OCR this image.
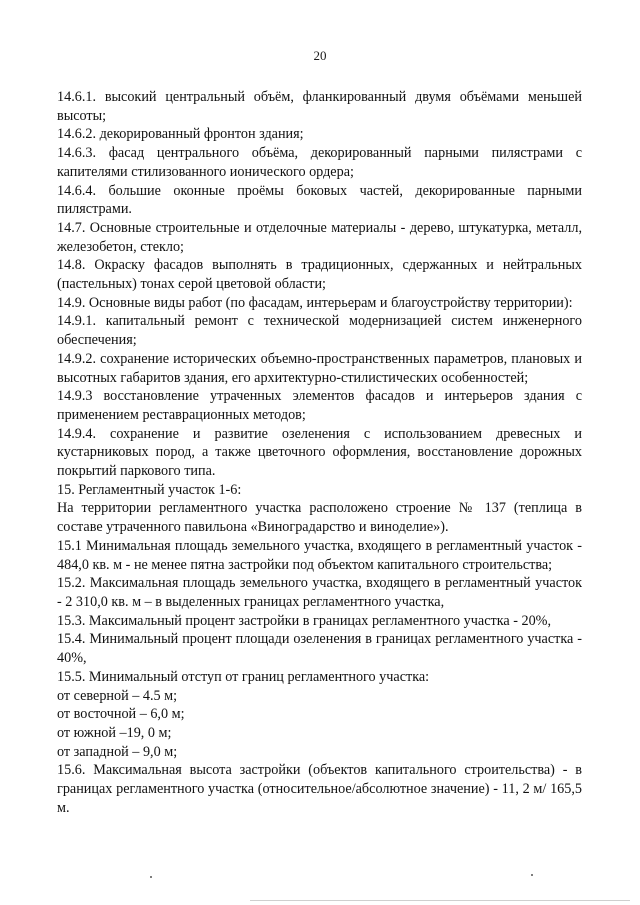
20

14.6.1. высокий центральный объём, фланкированный двумя объёмами меньшей высоты;

14.6.2. декорированный фронтон здания;

14.6.3. фасад центрального объёма, декорированный парными пилястрами с капителями стилизованного ионического ордера;

14.6.4. большие оконные проёмы боковых частей, декорированные парными пилястрами.

14.7. Основные строительные и отделочные материалы - дерево, штукатурка, металл, железобетон, стекло;

14.8. Окраску фасадов выполнять в традиционных, сдержанных и нейтральных (пастельных) тонах серой цветовой области;

14.9. Основные виды работ (по фасадам, интерьерам и благоустройству территории):

14.9.1. капитальный ремонт с технической модернизацией систем инженерного обеспечения;

14.9.2. сохранение исторических объемно-пространственных параметров, плановых и высотных габаритов здания, его архитектурно-стилистических особенностей;

14.9.3 восстановление утраченных элементов фасадов и интерьеров здания с применением реставрационных методов;

14.9.4. сохранение и развитие озеленения с использованием древесных и кустарниковых пород, а также цветочного оформления, восстановление дорожных покрытий паркового типа.

15. Регламентный участок 1-6:

На территории регламентного участка расположено строение № 137 (теплица в составе утраченного павильона «Виноградарство и виноделие»).

15.1 Минимальная площадь земельного участка, входящего в регламентный участок - 484,0 кв. м - не менее пятна застройки под объектом капитального строительства;

15.2. Максимальная площадь земельного участка, входящего в регламентный участок - 2 310,0 кв. м – в выделенных границах регламентного участка,

15.3. Максимальный процент застройки в границах регламентного участка - 20%,

15.4. Минимальный процент площади озеленения в границах регламентного участка - 40%,

15.5. Минимальный отступ от границ регламентного участка:

от северной – 4.5 м;

от восточной – 6,0 м;

от южной –19, 0 м;

от западной – 9,0 м;

15.6. Максимальная высота застройки (объектов капитального строительства) - в границах регламентного участка (относительное/абсолютное значение) - 11, 2 м/ 165,5 м.
